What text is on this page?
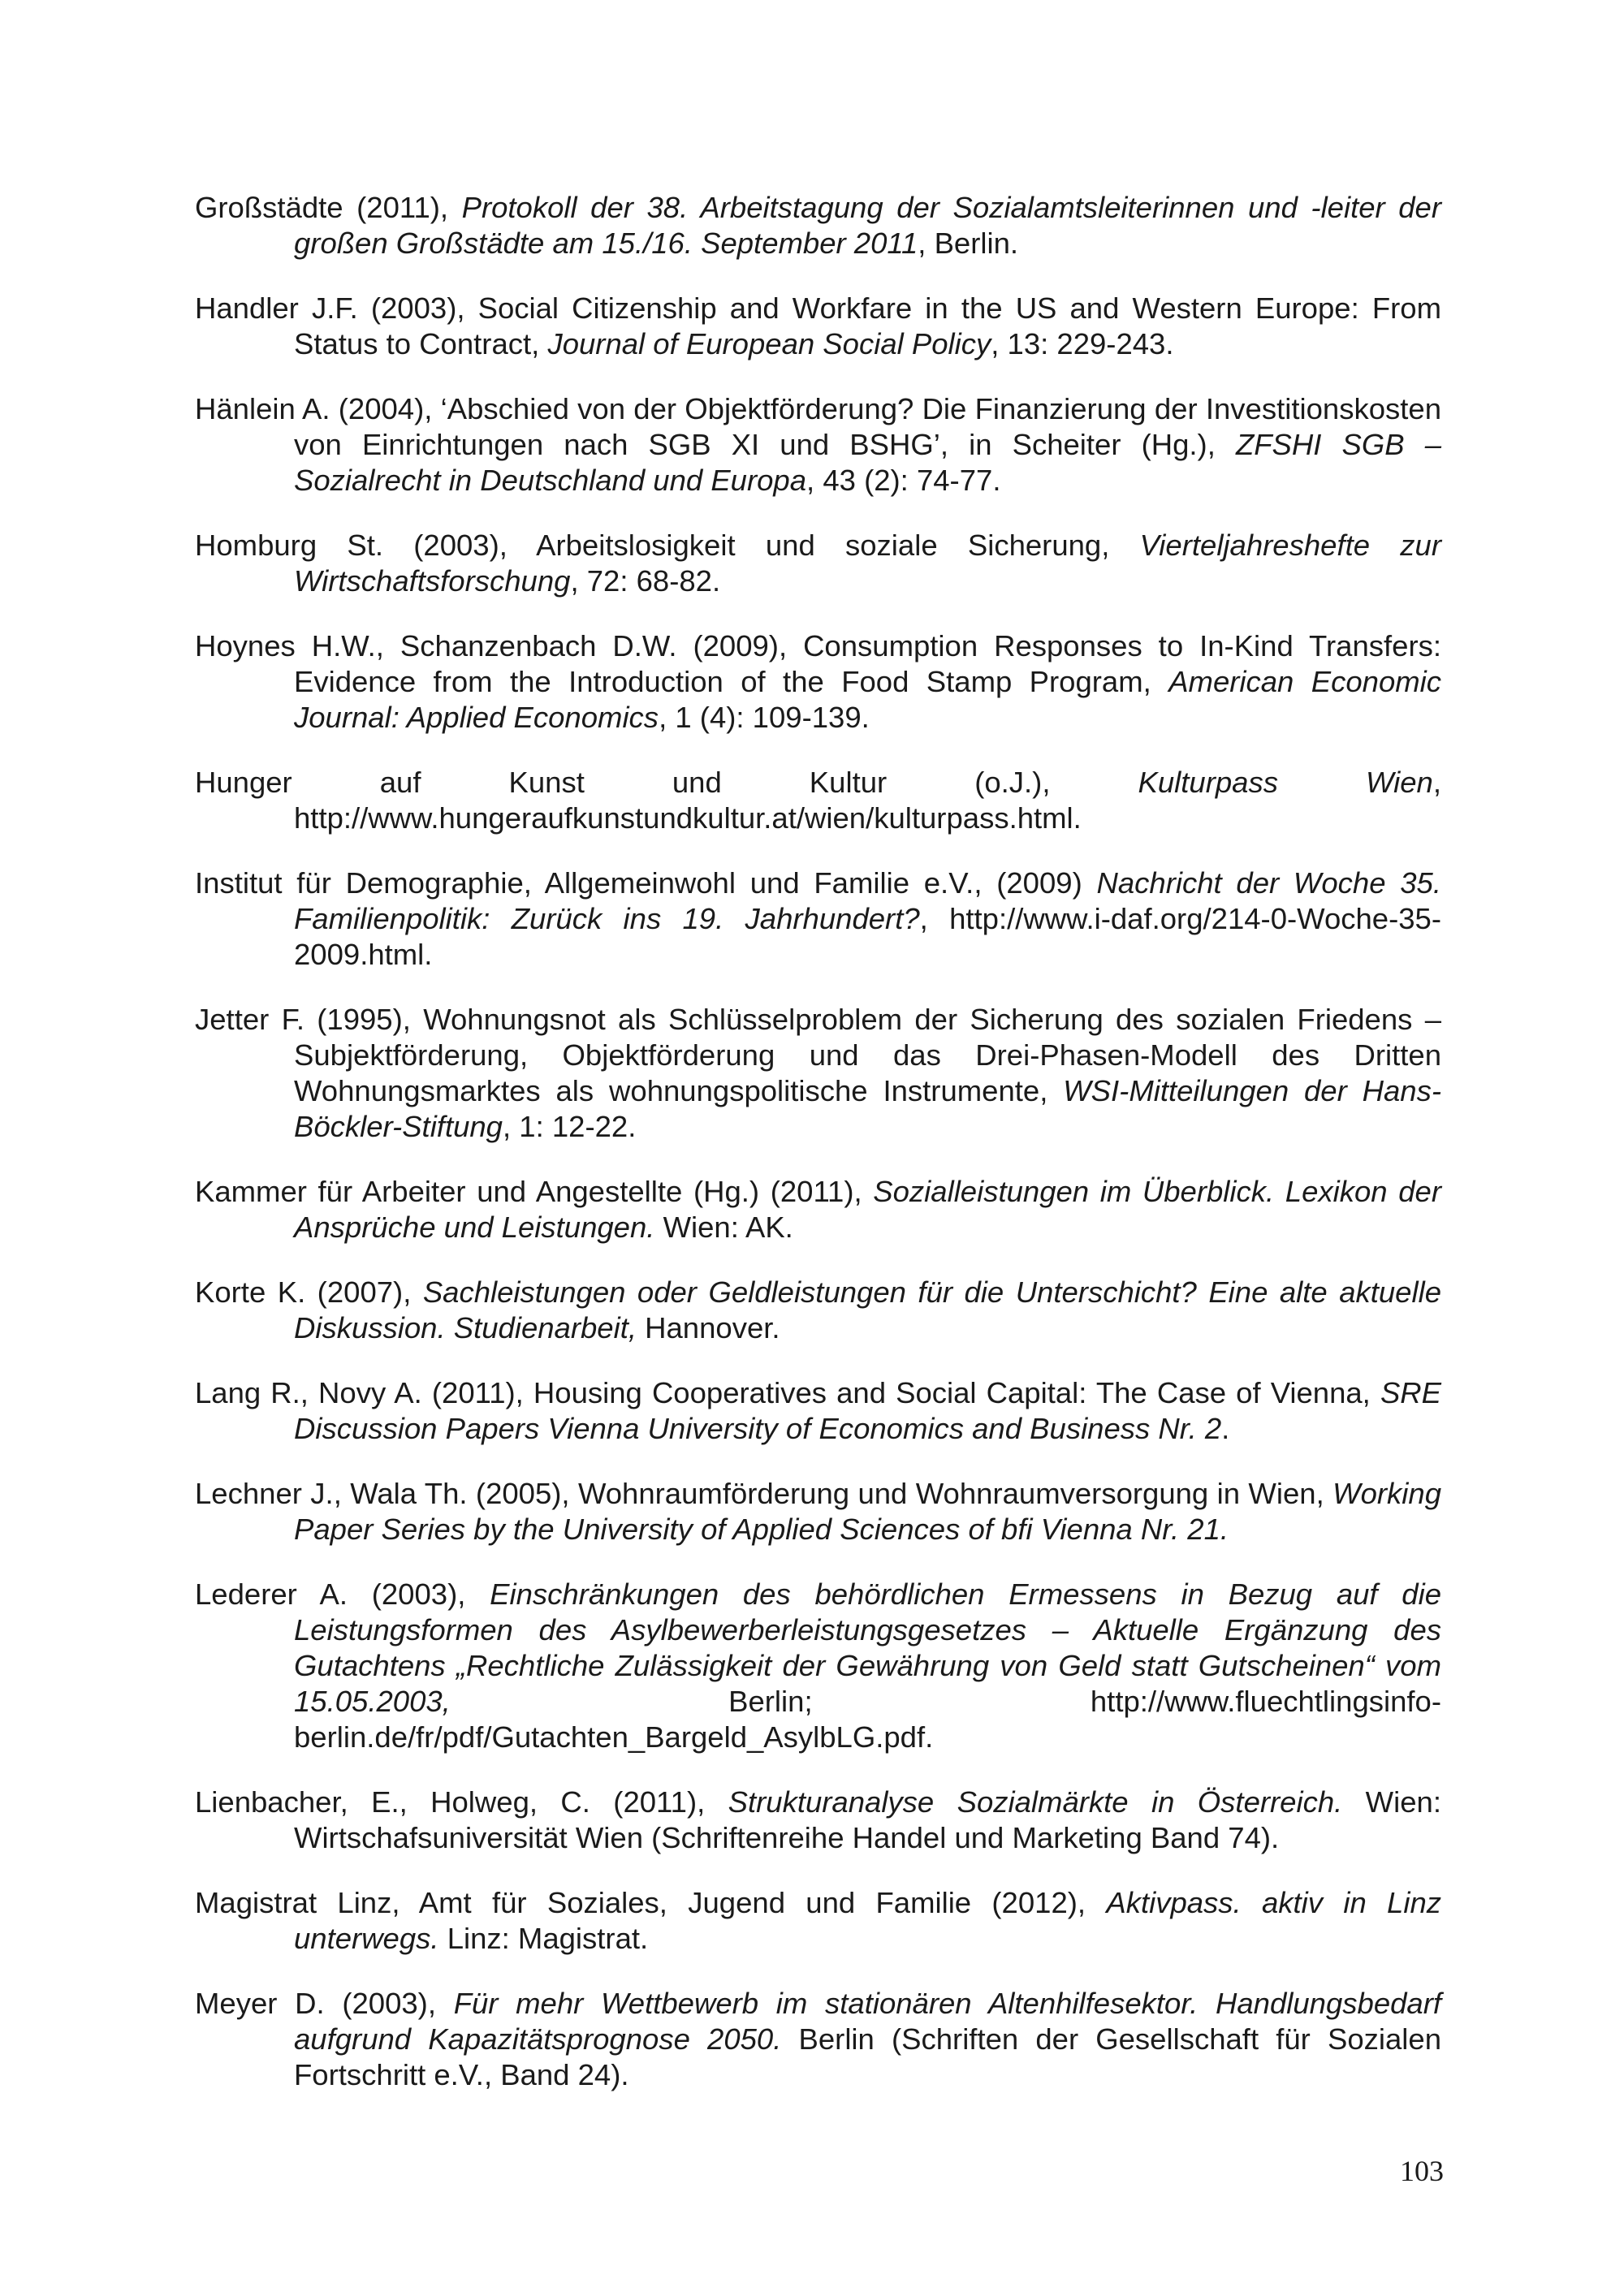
Großstädte (2011), Protokoll der 38. Arbeitstagung der Sozialamtsleiterinnen und -leiter der großen Großstädte am 15./16. September 2011, Berlin.

Handler J.F. (2003), Social Citizenship and Workfare in the US and Western Europe: From Status to Contract, Journal of European Social Policy, 13: 229-243.

Hänlein A. (2004), ‘Abschied von der Objektförderung? Die Finanzierung der Investitionskosten von Einrichtungen nach SGB XI und BSHG’, in Scheiter (Hg.), ZFSHI SGB – Sozialrecht in Deutschland und Europa, 43 (2): 74-77.

Homburg St. (2003), Arbeitslosigkeit und soziale Sicherung, Vierteljahreshefte zur Wirtschaftsforschung, 72: 68-82.

Hoynes H.W., Schanzenbach D.W. (2009), Consumption Responses to In-Kind Transfers: Evidence from the Introduction of the Food Stamp Program, American Economic Journal: Applied Economics, 1 (4): 109-139.

Hunger auf Kunst und Kultur (o.J.), Kulturpass Wien, http://www.hungeraufkunstundkultur.at/wien/kulturpass.html.

Institut für Demographie, Allgemeinwohl und Familie e.V., (2009) Nachricht der Woche 35. Familienpolitik: Zurück ins 19. Jahrhundert?, http://www.i-daf.org/214-0-Woche-35-2009.html.

Jetter F. (1995), Wohnungsnot als Schlüsselproblem der Sicherung des sozialen Friedens – Subjektförderung, Objektförderung und das Drei-Phasen-Modell des Dritten Wohnungsmarktes als wohnungspolitische Instrumente, WSI-Mitteilungen der Hans-Böckler-Stiftung, 1: 12-22.

Kammer für Arbeiter und Angestellte (Hg.) (2011), Sozialleistungen im Überblick. Lexikon der Ansprüche und Leistungen. Wien: AK.

Korte K. (2007), Sachleistungen oder Geldleistungen für die Unterschicht? Eine alte aktuelle Diskussion. Studienarbeit, Hannover.

Lang R., Novy A. (2011), Housing Cooperatives and Social Capital: The Case of Vienna, SRE Discussion Papers Vienna University of Economics and Business Nr. 2.

Lechner J., Wala Th. (2005), Wohnraumförderung und Wohnraumversorgung in Wien, Working Paper Series by the University of Applied Sciences of bfi Vienna Nr. 21.

Lederer A. (2003), Einschränkungen des behördlichen Ermessens in Bezug auf die Leistungsformen des Asylbewerberleistungsgesetzes – Aktuelle Ergänzung des Gutachtens „Rechtliche Zulässigkeit der Gewährung von Geld statt Gutscheinen“ vom 15.05.2003, Berlin; http://www.fluechtlingsinfo-berlin.de/fr/pdf/Gutachten_Bargeld_AsylbLG.pdf.

Lienbacher, E., Holweg, C. (2011), Strukturanalyse Sozialmärkte in Österreich. Wien: Wirtschafsuniversität Wien (Schriftenreihe Handel und Marketing Band 74).

Magistrat Linz, Amt für Soziales, Jugend und Familie (2012), Aktivpass. aktiv in Linz unterwegs. Linz: Magistrat.

Meyer D. (2003), Für mehr Wettbewerb im stationären Altenhilfesektor. Handlungsbedarf aufgrund Kapazitätsprognose 2050. Berlin (Schriften der Gesellschaft für Sozialen Fortschritt e.V., Band 24).

103
